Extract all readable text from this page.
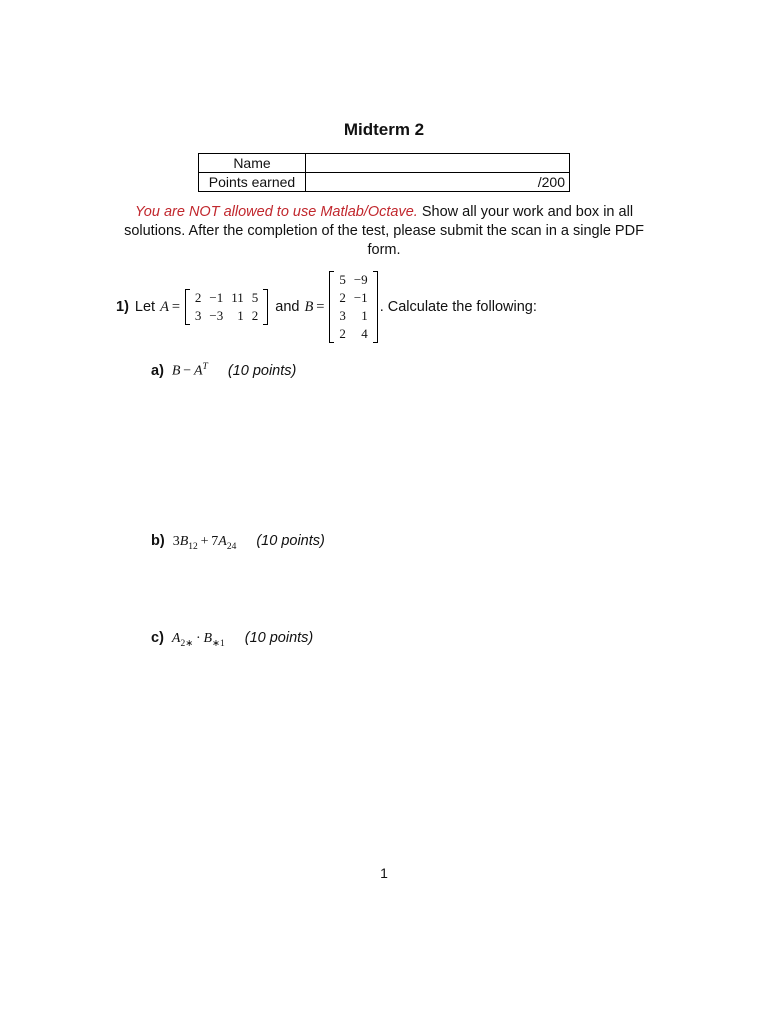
Midterm 2
Name	
Points earned	/200
You are NOT allowed to use Matlab/Octave. Show all your work and box in all solutions. After the completion of the test, please submit the scan in a single PDF form.
1) Let A  = 
2	−1	11	5
3	−3	1	2
and B  = 
5	−9
2	−1
3	1
2	4
. Calculate the following:
a) $B - A^T$ (10 points)
b) $3B_{12} + 7A_{24}$ (10 points)
c) $A_{2∗} \cdot B_{∗1}$ (10 points)
1
